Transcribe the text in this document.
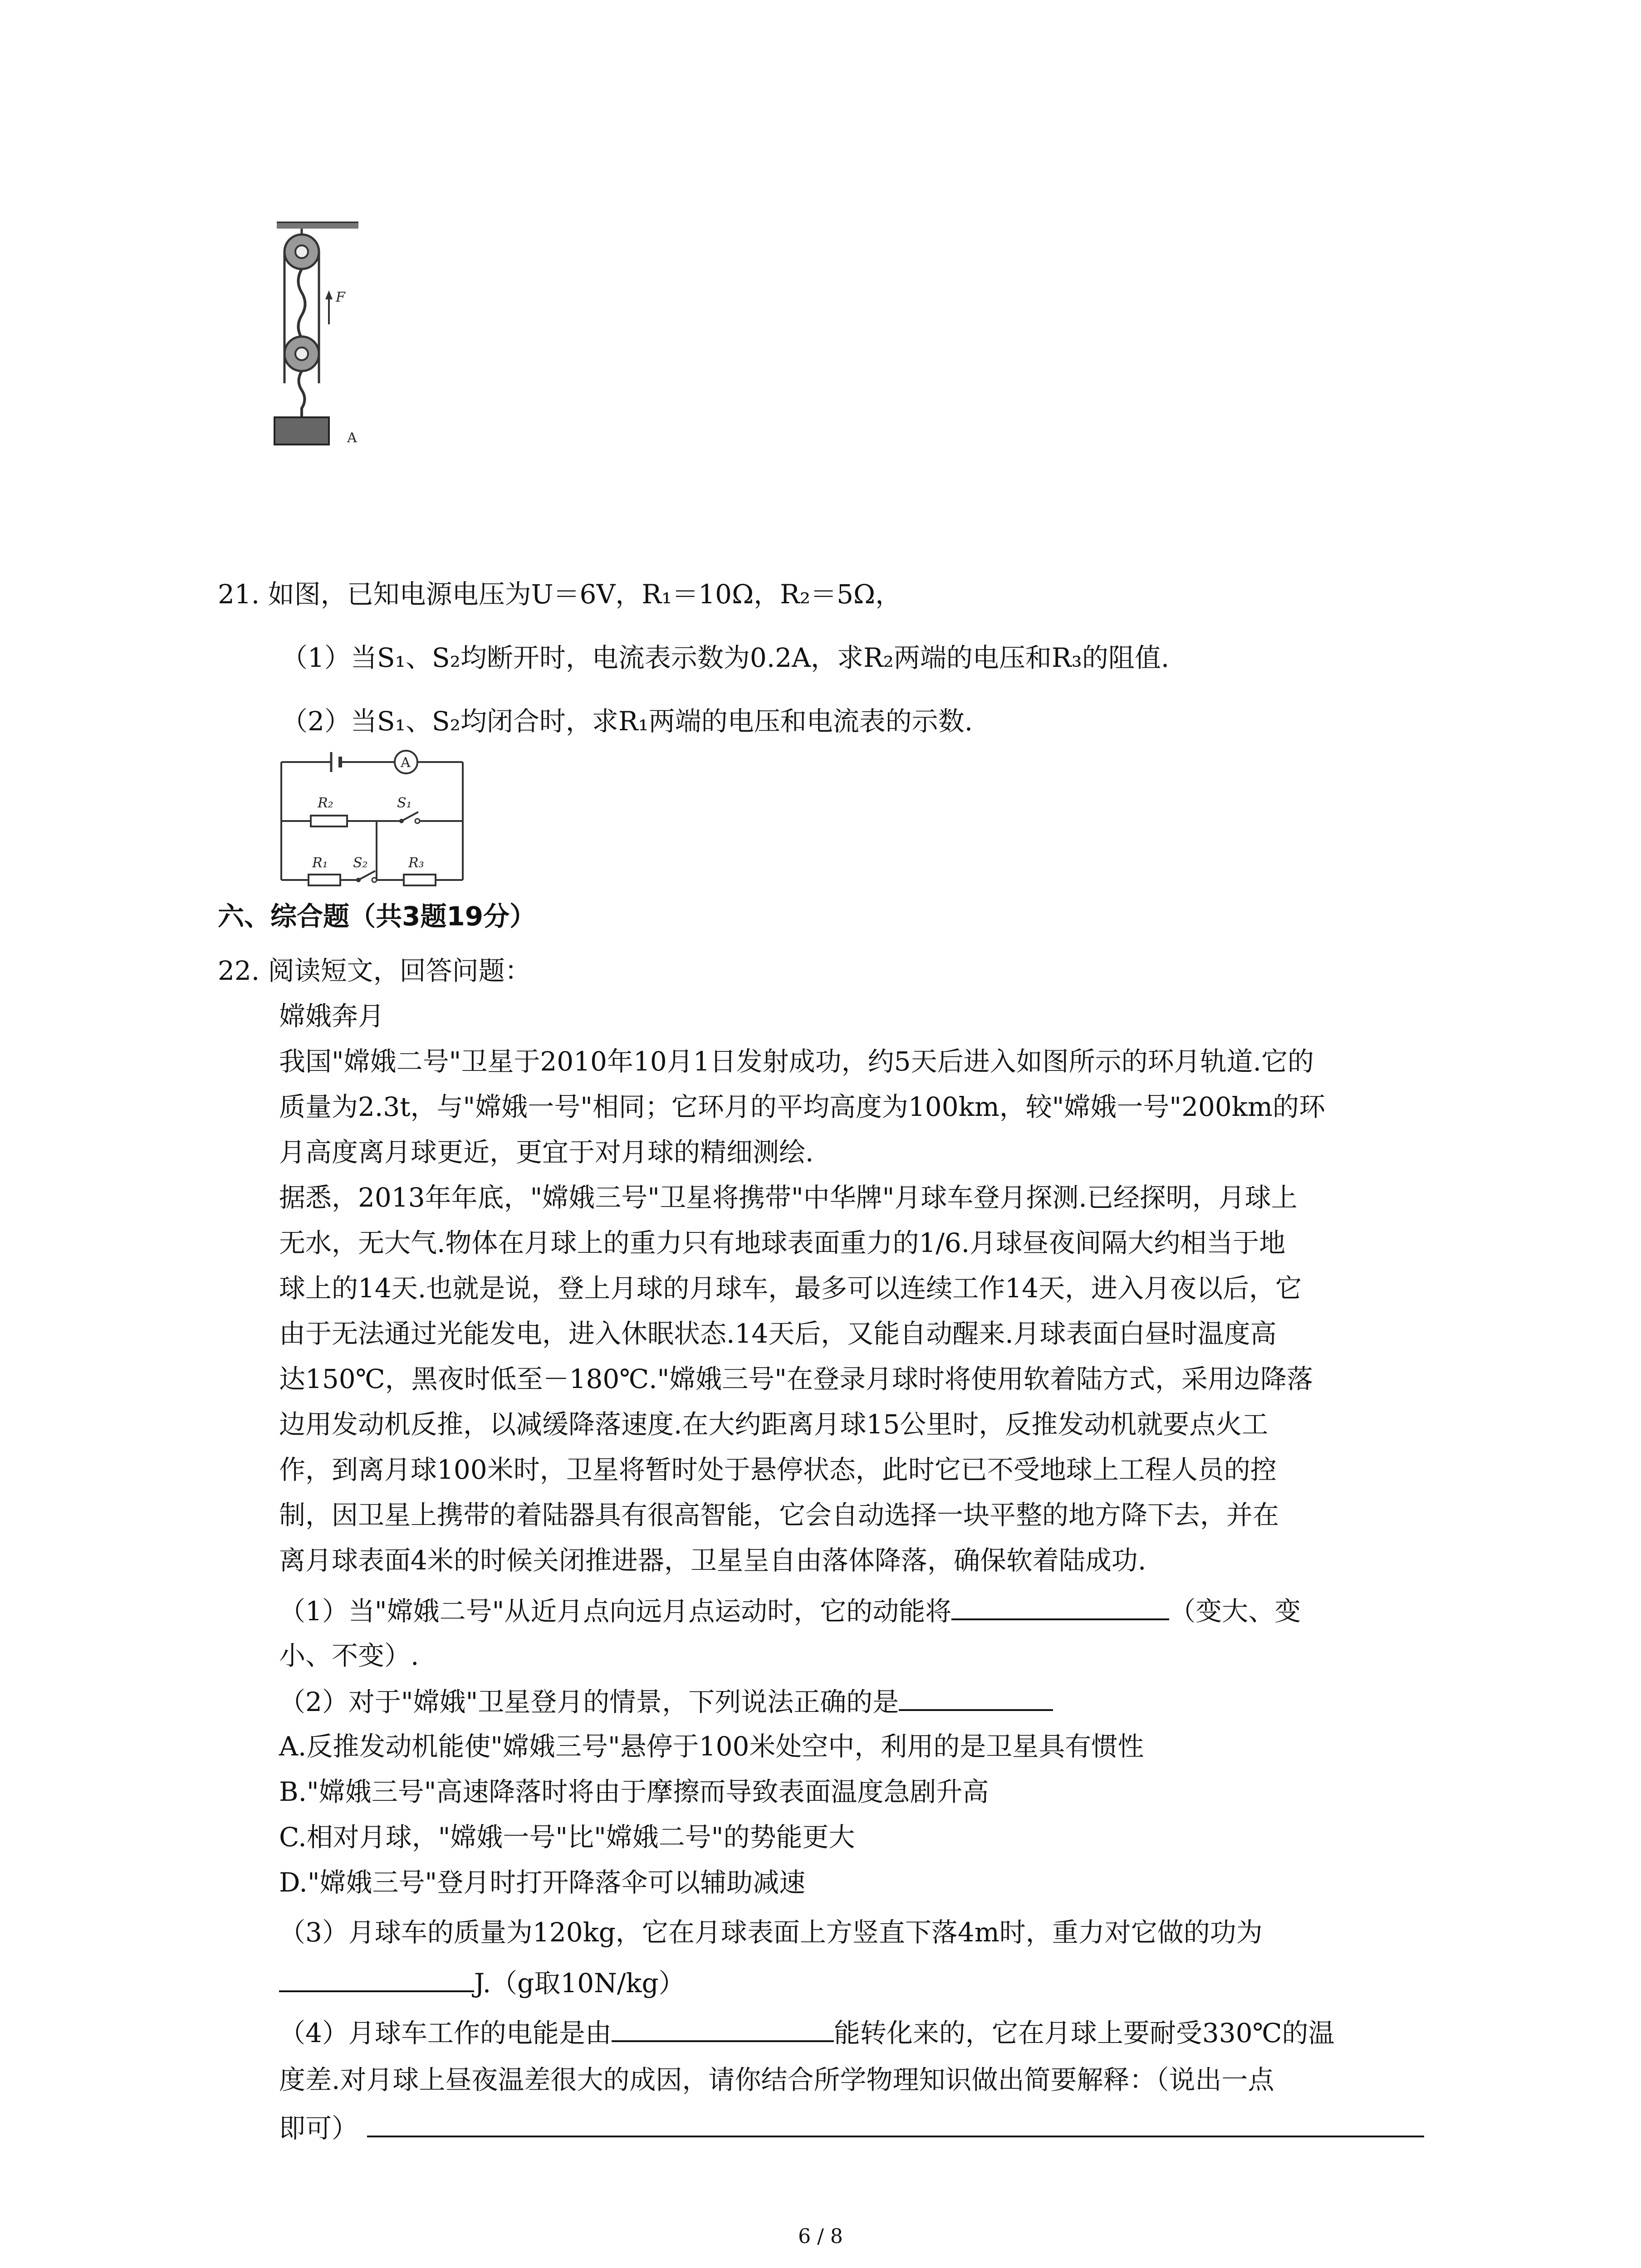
F
A
21. 如图，已知电源电压为U＝6V，R₁＝10Ω，R₂＝5Ω，
（1）当S₁、S₂均断开时，电流表示数为0.2A，求R₂两端的电压和R₃的阻值.
（2）当S₁、S₂均闭合时，求R₁两端的电压和电流表的示数.
A
R₂	S₁
R₁ S₂	R₃
六、综合题（共3题19分）
22. 阅读短文，回答问题：
嫦娥奔月
我国"嫦娥二号"卫星于2010年10月1日发射成功，约5天后进入如图所示的环月轨道.它的
质量为2.3t，与"嫦娥一号"相同；它环月的平均高度为100km，较"嫦娥一号"200km的环
月高度离月球更近，更宜于对月球的精细测绘.
据悉，2013年年底，"嫦娥三号"卫星将携带"中华牌"月球车登月探测.已经探明，月球上
无水，无大气.物体在月球上的重力只有地球表面重力的1/6.月球昼夜间隔大约相当于地
球上的14天.也就是说，登上月球的月球车，最多可以连续工作14天，进入月夜以后，它
由于无法通过光能发电，进入休眠状态.14天后，又能自动醒来.月球表面白昼时温度高
达150℃，黑夜时低至－180℃."嫦娥三号"在登录月球时将使用软着陆方式，采用边降落
边用发动机反推，以减缓降落速度.在大约距离月球15公里时，反推发动机就要点火工
作，到离月球100米时，卫星将暂时处于悬停状态，此时它已不受地球上工程人员的控
制，因卫星上携带的着陆器具有很高智能，它会自动选择一块平整的地方降下去，并在
离月球表面4米的时候关闭推进器，卫星呈自由落体降落，确保软着陆成功.
（1）当"嫦娥二号"从近月点向远月点运动时，它的动能将	（变大、变
小、不变）.
（2）对于"嫦娥"卫星登月的情景，下列说法正确的是
A.反推发动机能使"嫦娥三号"悬停于100米处空中，利用的是卫星具有惯性
B."嫦娥三号"高速降落时将由于摩擦而导致表面温度急剧升高
C.相对月球，"嫦娥一号"比"嫦娥二号"的势能更大
D."嫦娥三号"登月时打开降落伞可以辅助减速
（3）月球车的质量为120kg，它在月球表面上方竖直下落4m时，重力对它做的功为
J.（g取10N/kg）
（4）月球车工作的电能是由	能转化来的，它在月球上要耐受330℃的温
度差.对月球上昼夜温差很大的成因，请你结合所学物理知识做出简要解释：（说出一点
即可）
6 / 8
